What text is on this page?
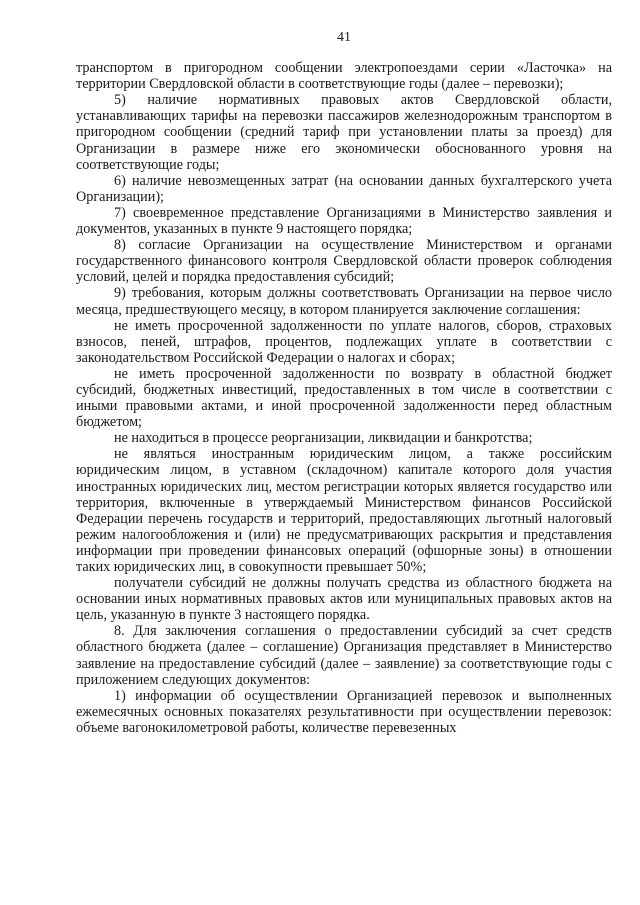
41

транспортом в пригородном сообщении электропоездами серии «Ласточка» на территории Свердловской области в соответствующие годы (далее – перевозки);

5) наличие нормативных правовых актов Свердловской области, устанавливающих тарифы на перевозки пассажиров железнодорожным транспортом в пригородном сообщении (средний тариф при установлении платы за проезд) для Организации в размере ниже его экономически обоснованного уровня на соответствующие годы;

6) наличие невозмещенных затрат (на основании данных бухгалтерского учета Организации);

7) своевременное представление Организациями в Министерство заявления и документов, указанных в пункте 9 настоящего порядка;

8) согласие Организации на осуществление Министерством и органами государственного финансового контроля Свердловской области проверок соблюдения условий, целей и порядка предоставления субсидий;

9) требования, которым должны соответствовать Организации на первое число месяца, предшествующего месяцу, в котором планируется заключение соглашения:

не иметь просроченной задолженности по уплате налогов, сборов, страховых взносов, пеней, штрафов, процентов, подлежащих уплате в соответствии с законодательством Российской Федерации о налогах и сборах;

не иметь просроченной задолженности по возврату в областной бюджет субсидий, бюджетных инвестиций, предоставленных в том числе в соответствии с иными правовыми актами, и иной просроченной задолженности перед областным бюджетом;

не находиться в процессе реорганизации, ликвидации и банкротства;

не являться иностранным юридическим лицом, а также российским юридическим лицом, в уставном (складочном) капитале которого доля участия иностранных юридических лиц, местом регистрации которых является государство или территория, включенные в утверждаемый Министерством финансов Российской Федерации перечень государств и территорий, предоставляющих льготный налоговый режим налогообложения и (или) не предусматривающих раскрытия и представления информации при проведении финансовых операций (офшорные зоны) в отношении таких юридических лиц, в совокупности превышает 50%;

получатели субсидий не должны получать средства из областного бюджета на основании иных нормативных правовых актов или муниципальных правовых актов на цель, указанную в пункте 3 настоящего порядка.

8. Для заключения соглашения о предоставлении субсидий за счет средств областного бюджета (далее – соглашение) Организация представляет в Министерство заявление на предоставление субсидий (далее – заявление) за соответствующие годы с приложением следующих документов:

1) информации об осуществлении Организацией перевозок и выполненных ежемесячных основных показателях результативности при осуществлении перевозок: объеме вагонокилометровой работы, количестве перевезенных
